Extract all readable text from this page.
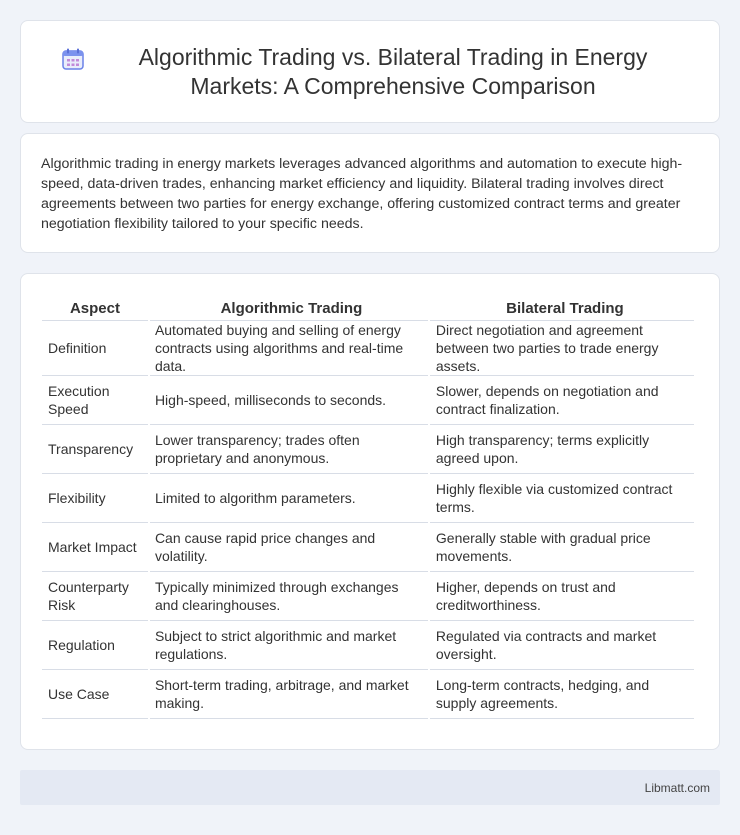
Algorithmic Trading vs. Bilateral Trading in Energy Markets: A Comprehensive Comparison

Algorithmic trading in energy markets leverages advanced algorithms and automation to execute high-speed, data-driven trades, enhancing market efficiency and liquidity. Bilateral trading involves direct agreements between two parties for energy exchange, offering customized contract terms and greater negotiation flexibility tailored to your specific needs.

Aspect	Algorithmic Trading	Bilateral Trading
Definition	Automated buying and selling of energy contracts using algorithms and real-time data.	Direct negotiation and agreement between two parties to trade energy assets.
Execution Speed	High-speed, milliseconds to seconds.	Slower, depends on negotiation and contract finalization.
Transparency	Lower transparency; trades often proprietary and anonymous.	High transparency; terms explicitly agreed upon.
Flexibility	Limited to algorithm parameters.	Highly flexible via customized contract terms.
Market Impact	Can cause rapid price changes and volatility.	Generally stable with gradual price movements.
Counterparty Risk	Typically minimized through exchanges and clearinghouses.	Higher, depends on trust and creditworthiness.
Regulation	Subject to strict algorithmic and market regulations.	Regulated via contracts and market oversight.
Use Case	Short-term trading, arbitrage, and market making.	Long-term contracts, hedging, and supply agreements.
Libmatt.com
